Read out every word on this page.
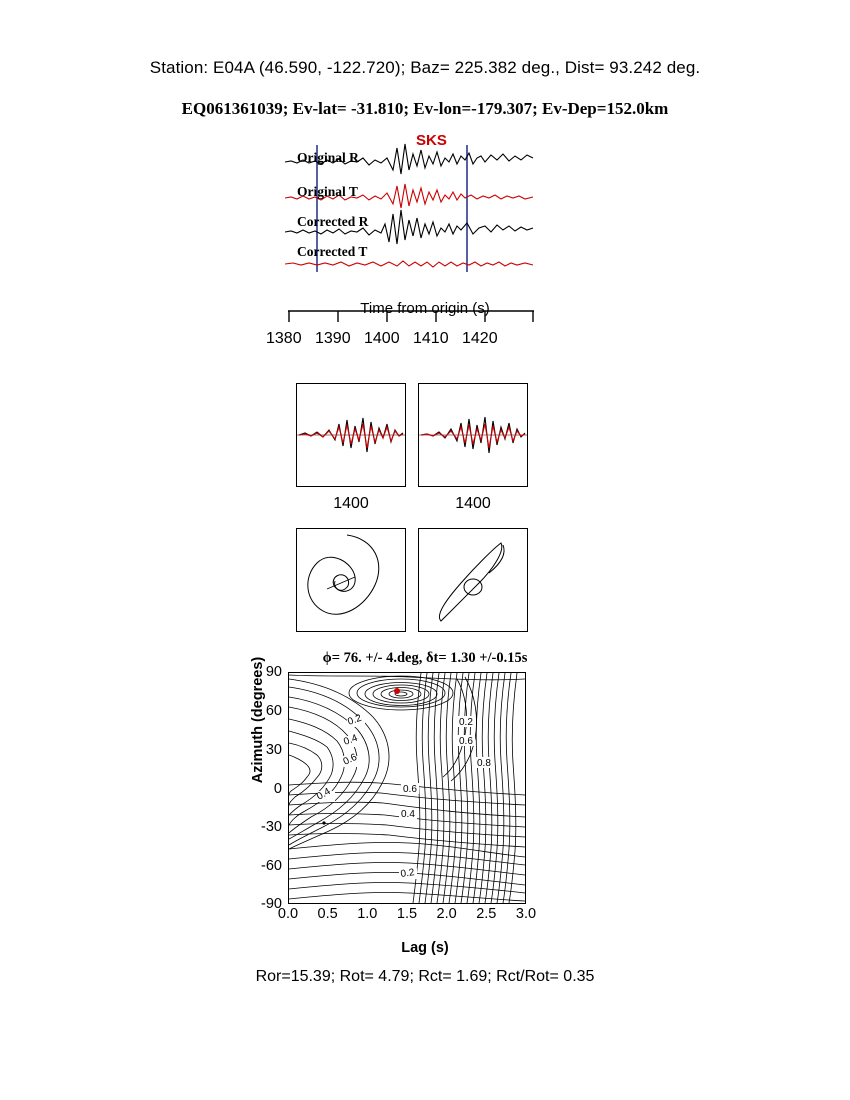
Station: E04A (46.590, -122.720); Baz= 225.382 deg., Dist= 93.242 deg.
EQ061361039; Ev-lat= -31.810; Ev-lon=-179.307; Ev-Dep=152.0km
SKS
Original R
Original T
Corrected R
Corrected T
Time from origin (s)
1380 1390 1400 1410 1420
1400	1400
ϕ= 76. +/- 4.deg, δt= 1.30 +/-0.15s
Azimuth (degrees) 90
60
30
0
-30
-60
-90
0.2
0.4
0.6
0.4	0.6
0.4
0.2
0.2
0.6
0.8
0.0 0.5 1.0 1.5 2.0 2.5 3.0
Lag (s)
Ror=15.39; Rot= 4.79; Rct= 1.69; Rct/Rot= 0.35
